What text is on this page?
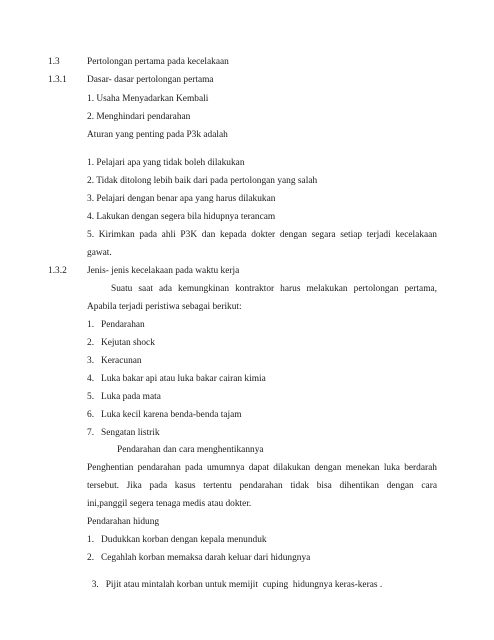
1.3	Pertolongan pertama pada kecelakaan
1.3.1 Dasar- dasar pertolongan pertama
1. Usaha Menyadarkan Kembali
2. Menghindari pendarahan
Aturan yang penting pada P3k adalah
1. Pelajari apa yang tidak boleh dilakukan
2. Tidak ditolong lebih baik dari pada pertolongan yang salah
3. Pelajari dengan benar apa yang harus dilakukan
4. Lakukan dengan segera bila hidupnya terancam
5. Kirimkan pada ahli P3K dan kepada dokter dengan segara setiap terjadi kecelakaan
gawat.
1.3.2 Jenis- jenis kecelakaan pada waktu kerja
Suatu saat ada kemungkinan kontraktor harus melakukan pertolongan pertama,
Apabila terjadi peristiwa sebagai berikut:
1. Pendarahan
2. Kejutan shock
3. Keracunan
4. Luka bakar api atau luka bakar cairan kimia
5. Luka pada mata
6. Luka kecil karena benda-benda tajam
7. Sengatan listrik
Pendarahan dan cara menghentikannya
Penghentian pendarahan pada umumnya dapat dilakukan dengan menekan luka berdarah
tersebut. Jika pada kasus tertentu pendarahan tidak bisa dihentikan dengan cara
ini,panggil segera tenaga medis atau dokter.
Pendarahan hidung
1. Dudukkan korban dengan kepala menunduk
2. Cegahlah korban memaksa darah keluar dari hidungnya

3. Pijit atau mintalah korban untuk memijit  cuping  hidungnya keras-keras .
